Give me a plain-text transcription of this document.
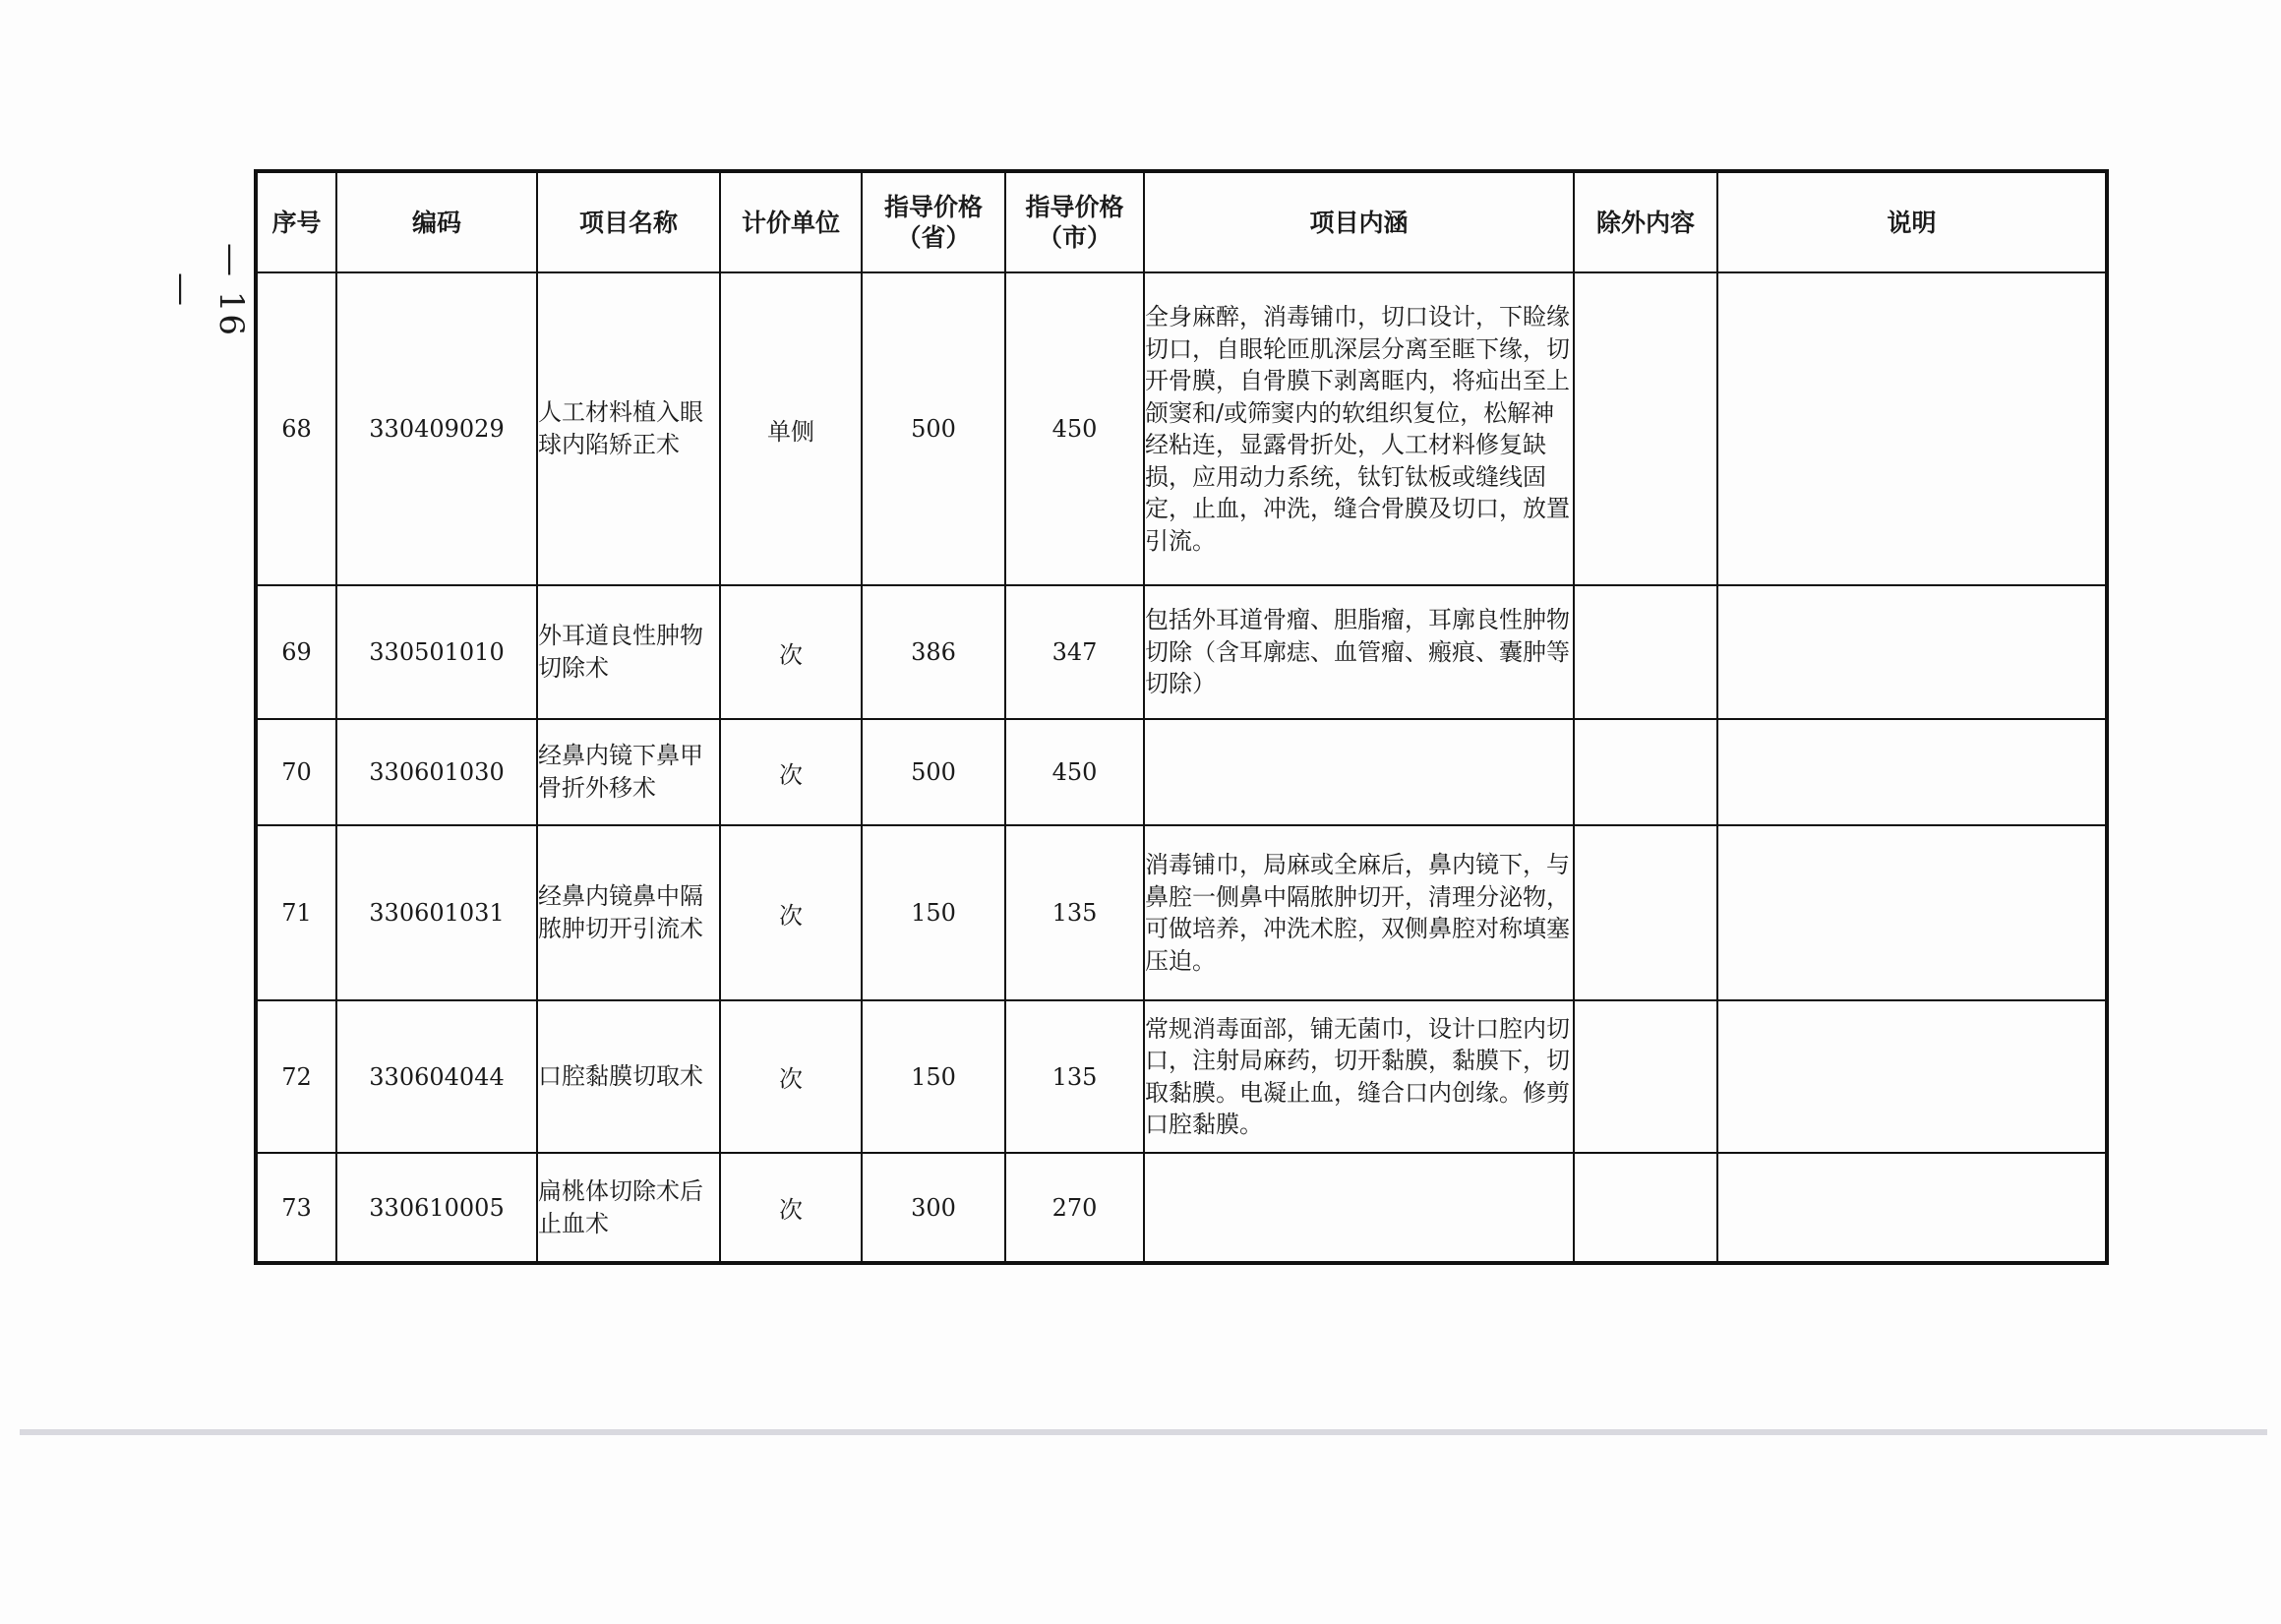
— 16 —
序号	编码	项目名称	计价单位	指导价格（省）	指导价格（市）	项目内涵	除外内容	说明
68	330409029	人工材料植入眼球内陷矫正术	单侧	500	450	全身麻醉，消毒铺巾，切口设计，下睑缘切口，自眼轮匝肌深层分离至眶下缘，切开骨膜，自骨膜下剥离眶内，将疝出至上颌窦和/或筛窦内的软组织复位，松解神经粘连，显露骨折处，人工材料修复缺损，应用动力系统，钛钉钛板或缝线固定，止血，冲洗，缝合骨膜及切口，放置引流。		
69	330501010	外耳道良性肿物切除术	次	386	347	包括外耳道骨瘤、胆脂瘤，耳廓良性肿物切除（含耳廓痣、血管瘤、瘢痕、囊肿等切除）		
70	330601030	经鼻内镜下鼻甲骨折外移术	次	500	450			
71	330601031	经鼻内镜鼻中隔脓肿切开引流术	次	150	135	消毒铺巾，局麻或全麻后，鼻内镜下，与鼻腔一侧鼻中隔脓肿切开，清理分泌物，可做培养，冲洗术腔，双侧鼻腔对称填塞压迫。		
72	330604044	口腔黏膜切取术	次	150	135	常规消毒面部，铺无菌巾，设计口腔内切口，注射局麻药，切开黏膜，黏膜下，切取黏膜。电凝止血，缝合口内创缘。修剪口腔黏膜。		
73	330610005	扁桃体切除术后止血术	次	300	270			
